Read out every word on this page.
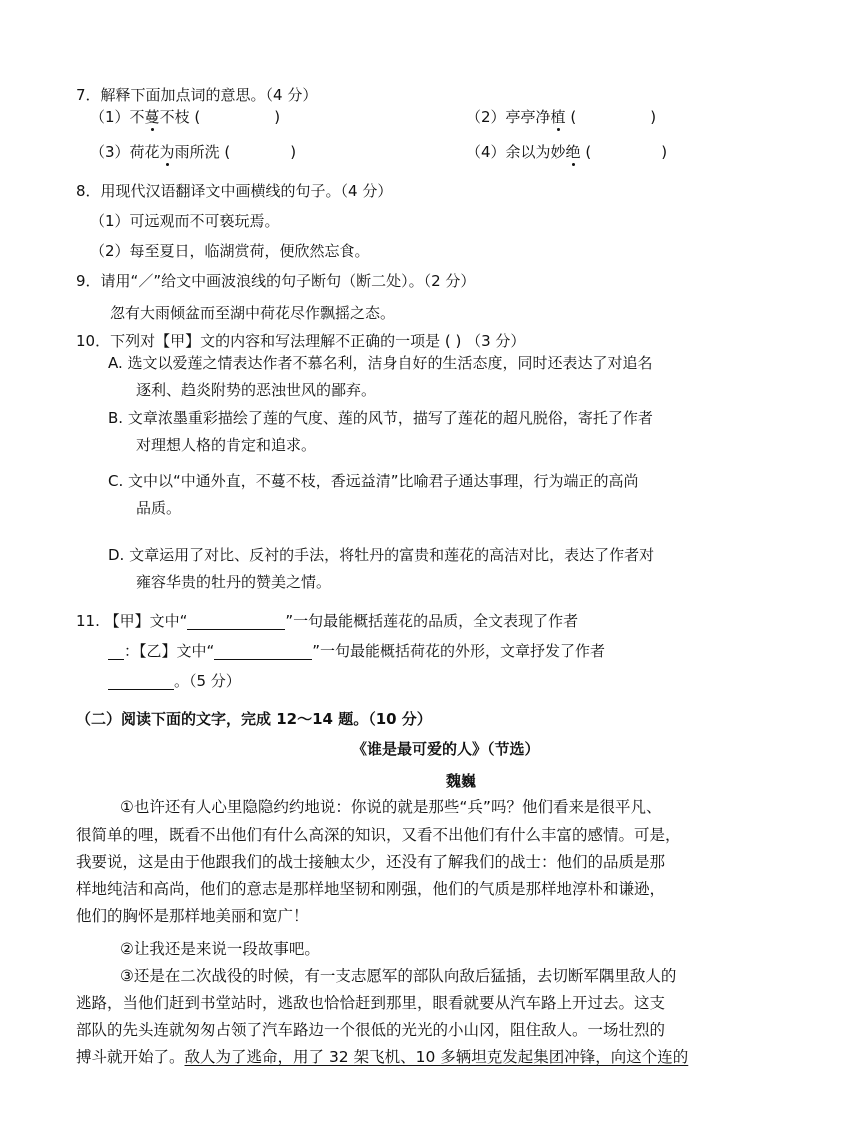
7．解释下面加点词的意思。（4 分）
（1）不蔓不枝 (	)	（2）亭亭净植 (	)
（3）荷花为雨所洗 (	)	（4）余以为妙绝 (	)
8．用现代汉语翻译文中画横线的句子。（4 分）
（1）可远观而不可亵玩焉。
（2）每至夏日，临湖赏荷，便欣然忘食。
9．请用“／”给文中画波浪线的句子断句（断二处）。（2 分）
忽有大雨倾盆而至湖中荷花尽作飘摇之态。
10．下列对【甲】文的内容和写法理解不正确的一项是 ( ) （3 分）
A. 选文以爱莲之情表达作者不慕名利，洁身自好的生活态度，同时还表达了对追名
逐利、趋炎附势的恶浊世风的鄙弃。
B. 文章浓墨重彩描绘了莲的气度、莲的风节，描写了莲花的超凡脱俗，寄托了作者
对理想人格的肯定和追求。
C. 文中以“中通外直，不蔓不枝，香远益清”比喻君子通达事理，行为端正的高尚
品质。
D. 文章运用了对比、反衬的手法，将牡丹的富贵和莲花的高洁对比，表达了作者对
雍容华贵的牡丹的赞美之情。
11. 【甲】文中“	”一句最能概括莲花的品质，全文表现了作者
：【乙】文中“	”一句最能概括荷花的外形，文章抒发了作者
。（5 分）
（二）阅读下面的文字，完成 12～14 题。（10 分）
《谁是最可爱的人》（节选）
魏巍
①也许还有人心里隐隐约约地说：你说的就是那些“兵”吗？他们看来是很平凡、
很简单的哩，既看不出他们有什么高深的知识，又看不出他们有什么丰富的感情。可是，
我要说，这是由于他跟我们的战士接触太少，还没有了解我们的战士：他们的品质是那
样地纯洁和高尚，他们的意志是那样地坚韧和刚强，他们的气质是那样地淳朴和谦逊，
他们的胸怀是那样地美丽和宽广！
②让我还是来说一段故事吧。
③还是在二次战役的时候，有一支志愿军的部队向敌后猛插，去切断军隅里敌人的
逃路，当他们赶到书堂站时，逃敌也恰恰赶到那里，眼看就要从汽车路上开过去。这支
部队的先头连就匆匆占领了汽车路边一个很低的光光的小山冈，阻住敌人。一场壮烈的
搏斗就开始了。敌人为了逃命，用了 32 架飞机、10 多辆坦克发起集团冲锋，向这个连的
